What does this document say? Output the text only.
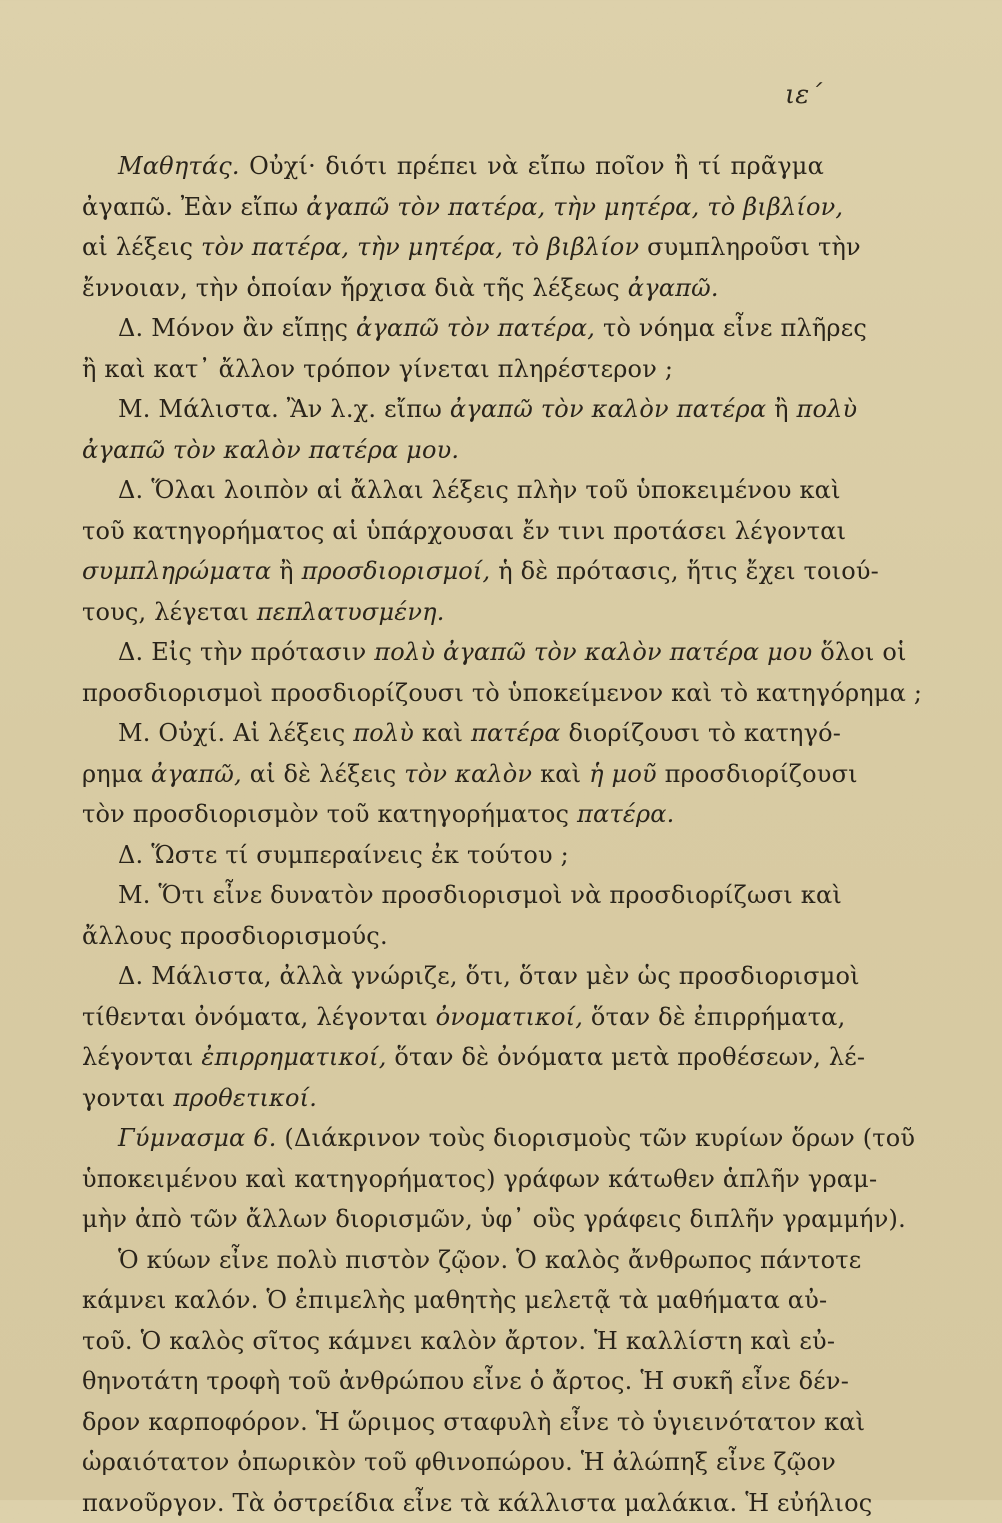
ιε΄
Μαθητάς. Οὐχί· διότι πρέπει νὰ εἴπω ποῖον ἢ τί πρᾶγμα
ἀγαπῶ. Ἐὰν εἴπω ἀγαπῶ τὸν πατέρα, τὴν μητέρα, τὸ βιβλίον,
αἱ λέξεις τὸν πατέρα, τὴν μητέρα, τὸ βιβλίον συμπληροῦσι τὴν
ἔννοιαν, τὴν ὁποίαν ἤρχισα διὰ τῆς λέξεως ἀγαπῶ.
Δ. Μόνον ἂν εἴπῃς ἀγαπῶ τὸν πατέρα, τὸ νόημα εἶνε πλῆρες
ἢ καὶ κατ᾽ ἄλλον τρόπον γίνεται πληρέστερον ;
Μ. Μάλιστα. Ἂν λ.χ. εἴπω ἀγαπῶ τὸν καλὸν πατέρα ἢ πολὺ
ἀγαπῶ τὸν καλὸν πατέρα μου.
Δ. Ὅλαι λοιπὸν αἱ ἄλλαι λέξεις πλὴν τοῦ ὑποκειμένου καὶ
τοῦ κατηγορήματος αἱ ὑπάρχουσαι ἔν τινι προτάσει λέγονται
συμπληρώματα ἢ προσδιορισμοί, ἡ δὲ πρότασις, ἥτις ἔχει τοιού-
τους, λέγεται πεπλατυσμένη.
Δ. Εἰς τὴν πρότασιν πολὺ ἀγαπῶ τὸν καλὸν πατέρα μου ὅλοι οἱ
προσδιορισμοὶ προσδιορίζουσι τὸ ὑποκείμενον καὶ τὸ κατηγόρημα ;
Μ. Οὐχί. Αἱ λέξεις πολὺ καὶ πατέρα διορίζουσι τὸ κατηγό-
ρημα ἀγαπῶ, αἱ δὲ λέξεις τὸν καλὸν καὶ ἡ μοῦ προσδιορίζουσι
τὸν προσδιορισμὸν τοῦ κατηγορήματος πατέρα.
Δ. Ὥστε τί συμπεραίνεις ἐκ τούτου ;
Μ. Ὅτι εἶνε δυνατὸν προσδιορισμοὶ νὰ προσδιορίζωσι καὶ
ἄλλους προσδιορισμούς.
Δ. Μάλιστα, ἀλλὰ γνώριζε, ὅτι, ὅταν μὲν ὡς προσδιορισμοὶ
τίθενται ὀνόματα, λέγονται ὀνοματικοί, ὅταν δὲ ἐπιρρήματα,
λέγονται ἐπιρρηματικοί, ὅταν δὲ ὀνόματα μετὰ προθέσεων, λέ-
γονται προθετικοί.
Γύμνασμα 6. (Διάκρινον τοὺς διορισμοὺς τῶν κυρίων ὅρων (τοῦ
ὑποκειμένου καὶ κατηγορήματος) γράφων κάτωθεν ἁπλῆν γραμ-
μὴν ἀπὸ τῶν ἄλλων διορισμῶν, ὑφ᾽ οὓς γράφεις διπλῆν γραμμήν).
Ὁ κύων εἶνε πολὺ πιστὸν ζῷον. Ὁ καλὸς ἄνθρωπος πάντοτε
κάμνει καλόν. Ὁ ἐπιμελὴς μαθητὴς μελετᾷ τὰ μαθήματα αὐ-
τοῦ. Ὁ καλὸς σῖτος κάμνει καλὸν ἄρτον. Ἡ καλλίστη καὶ εὐ-
θηνοτάτη τροφὴ τοῦ ἀνθρώπου εἶνε ὁ ἄρτος. Ἡ συκῆ εἶνε δέν-
δρον καρποφόρον. Ἡ ὥριμος σταφυλὴ εἶνε τὸ ὑγιεινότατον καὶ
ὡραιότατον ὀπωρικὸν τοῦ φθινοπώρου. Ἡ ἀλώπηξ εἶνε ζῷον
πανοῦργον. Τὰ ὀστρείδια εἶνε τὰ κάλλιστα μαλάκια. Ἡ εὐήλιος
